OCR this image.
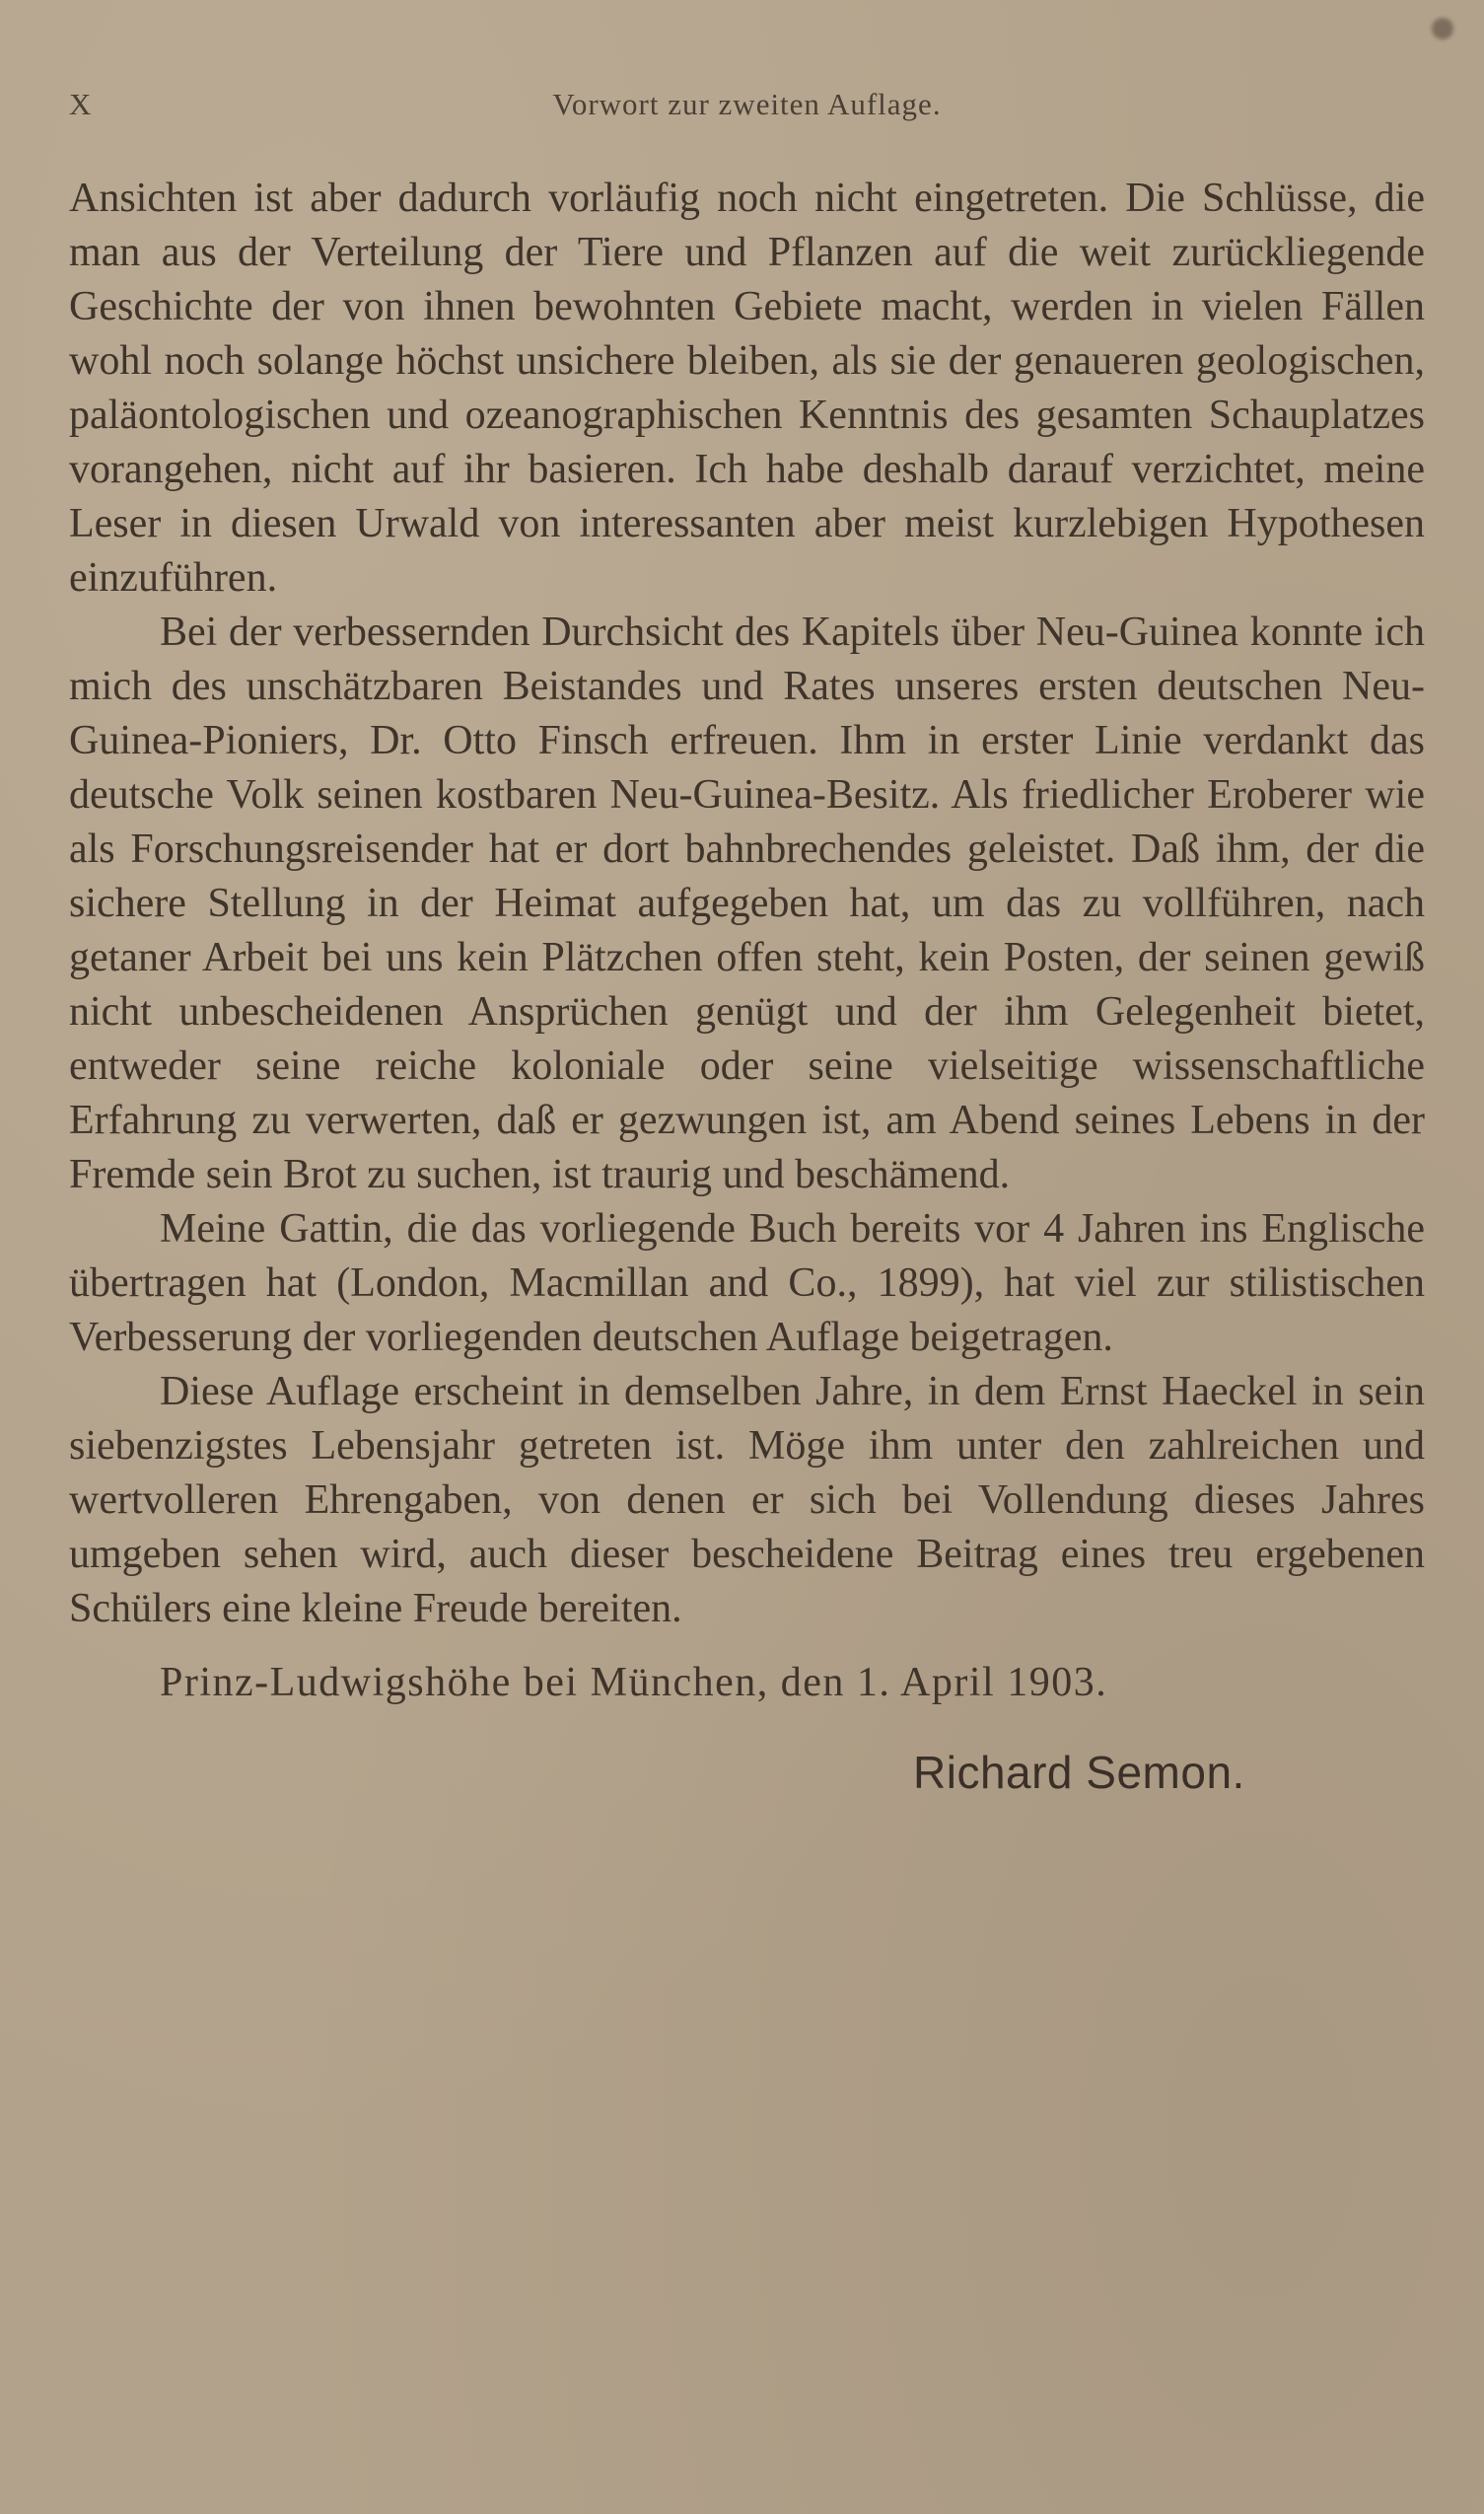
X	Vorwort zur zweiten Auflage.

Ansichten ist aber dadurch vorläufig noch nicht eingetreten. Die Schlüsse, die man aus der Verteilung der Tiere und Pflanzen auf die weit zurückliegende Geschichte der von ihnen bewohnten Gebiete macht, werden in vielen Fällen wohl noch solange höchst unsichere bleiben, als sie der genaueren geologischen, paläontologischen und ozeanographischen Kenntnis des gesamten Schauplatzes vorangehen, nicht auf ihr basieren. Ich habe deshalb darauf verzichtet, meine Leser in diesen Urwald von interessanten aber meist kurzlebigen Hypothesen einzuführen.

Bei der verbessernden Durchsicht des Kapitels über Neu-Guinea konnte ich mich des unschätzbaren Beistandes und Rates unseres ersten deutschen Neu-Guinea-Pioniers, Dr. Otto Finsch erfreuen. Ihm in erster Linie verdankt das deutsche Volk seinen kostbaren Neu-Guinea-Besitz. Als friedlicher Eroberer wie als Forschungsreisender hat er dort bahnbrechendes geleistet. Daß ihm, der die sichere Stellung in der Heimat aufgegeben hat, um das zu vollführen, nach getaner Arbeit bei uns kein Plätzchen offen steht, kein Posten, der seinen gewiß nicht unbescheidenen Ansprüchen genügt und der ihm Gelegenheit bietet, entweder seine reiche koloniale oder seine vielseitige wissenschaftliche Erfahrung zu verwerten, daß er gezwungen ist, am Abend seines Lebens in der Fremde sein Brot zu suchen, ist traurig und beschämend.

Meine Gattin, die das vorliegende Buch bereits vor 4 Jahren ins Englische übertragen hat (London, Macmillan and Co., 1899), hat viel zur stilistischen Verbesserung der vorliegenden deutschen Auflage beigetragen.

Diese Auflage erscheint in demselben Jahre, in dem Ernst Haeckel in sein siebenzigstes Lebensjahr getreten ist. Möge ihm unter den zahlreichen und wertvolleren Ehrengaben, von denen er sich bei Vollendung dieses Jahres umgeben sehen wird, auch dieser bescheidene Beitrag eines treu ergebenen Schülers eine kleine Freude bereiten.

Prinz-Ludwigshöhe bei München, den 1. April 1903.

Richard Semon.
